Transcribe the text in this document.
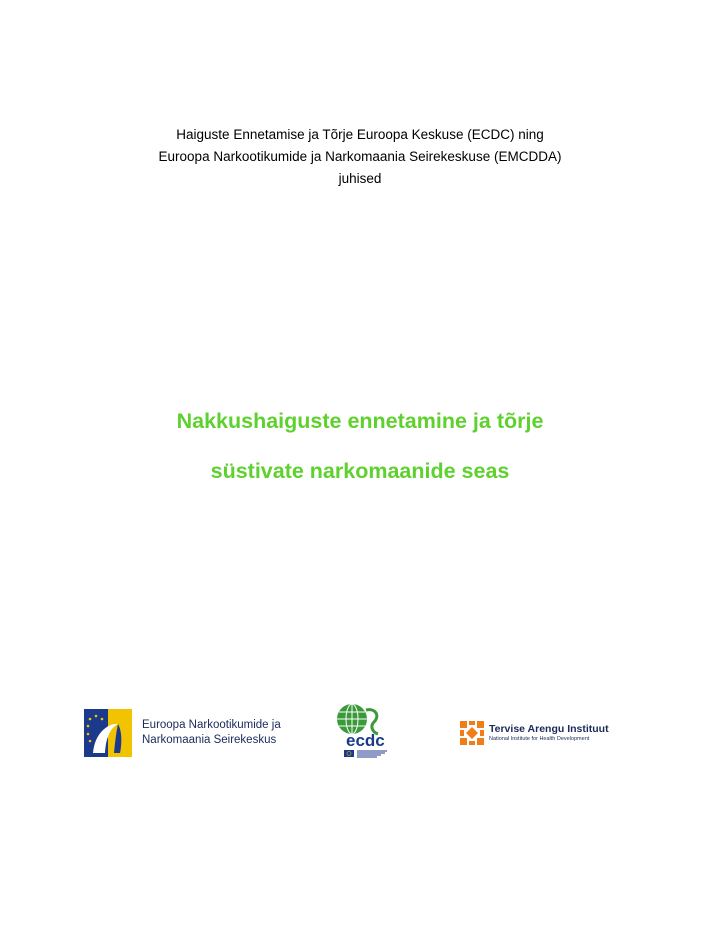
Haiguste Ennetamise ja Tõrje Euroopa Keskuse (ECDC) ning
Euroopa Narkootikumide ja Narkomaania Seirekeskuse (EMCDDA)
juhised
Nakkushaiguste ennetamine ja tõrje
süstivate narkomaanide seas
Euroopa Narkootikumide ja
Narkomaania Seirekeskus	ecdc
Tervise Arengu Instituut
National Institute for Health Development
